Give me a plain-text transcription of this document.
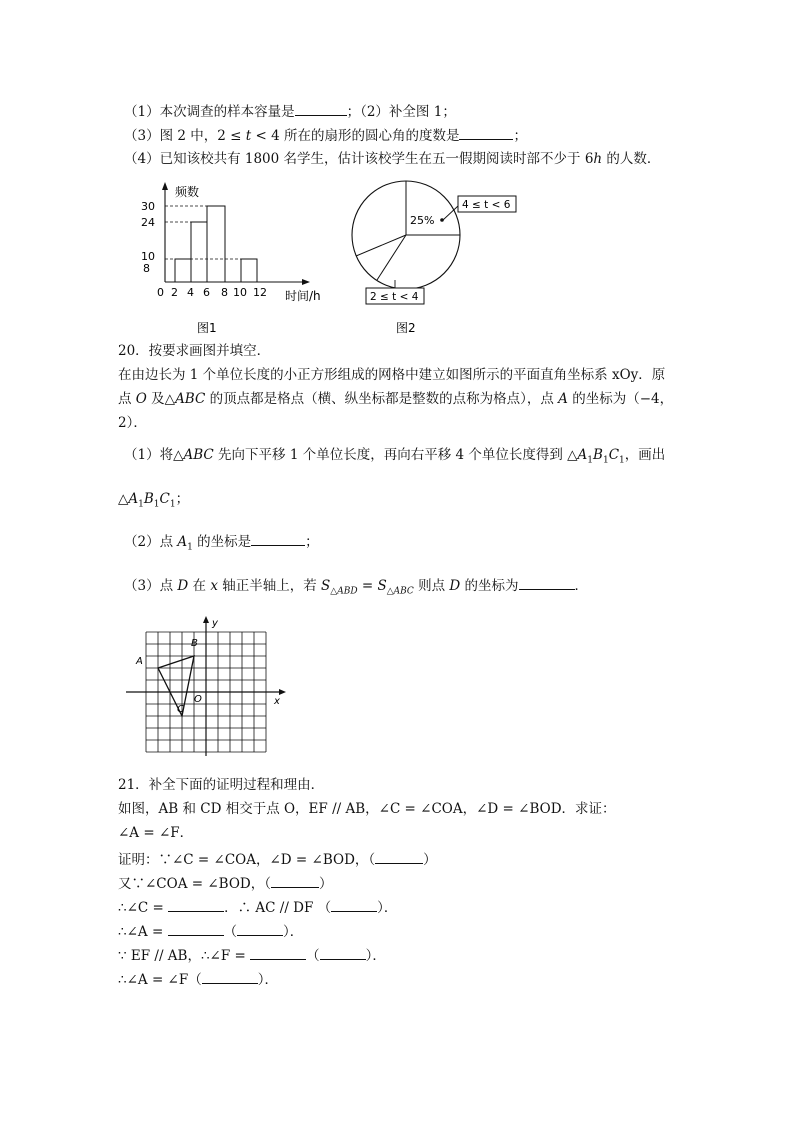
（1）本次调查的样本容量是	；（2）补全图 1；
（3）图 2 中，2 ≤ t < 4 所在的扇形的圆心角的度数是	；
（4）已知该校共有 1800 名学生，估计该校学生在五一假期阅读时部不少于 6h 的人数．
频数
30
24
10
8
0 2 4 6 8 10 12 时间/h
图1
25%
4 ≤ t < 6
2 ≤ t < 4
图2
20．按要求画图并填空．
在由边长为 1 个单位长度的小正方形组成的网格中建立如图所示的平面直角坐标系 xOy．原
点 O 及△ABC 的顶点都是格点（横、纵坐标都是整数的点称为格点），点 A 的坐标为（−4，
2）．
（1）将△ABC 先向下平移 1 个单位长度，再向右平移 4 个单位长度得到 $\triangle A_1B_1C_1$，画出
$\triangle A_1B_1C_1$；
（2）点 $A_1$ 的坐标是	；
（3）点 D 在 x 轴正半轴上，若 $S_{\triangle ABD} = S_{\triangle ABC}$ 则点 D 的坐标为	．
y
x
A
B
C
O
21．补全下面的证明过程和理由．
如图，AB 和 CD 相交于点 O，EF // AB，∠C = ∠COA，∠D = ∠BOD．求证：
∠A = ∠F．
证明：∵∠C = ∠COA，∠D = ∠BOD，（	）
又∵∠COA = ∠BOD，（	）
∴∠C =	．∴ AC // DF （	）．
∴∠A =	（	）．
∵ EF // AB，∴∠F =	（	）．
∴∠A = ∠F（	）．
